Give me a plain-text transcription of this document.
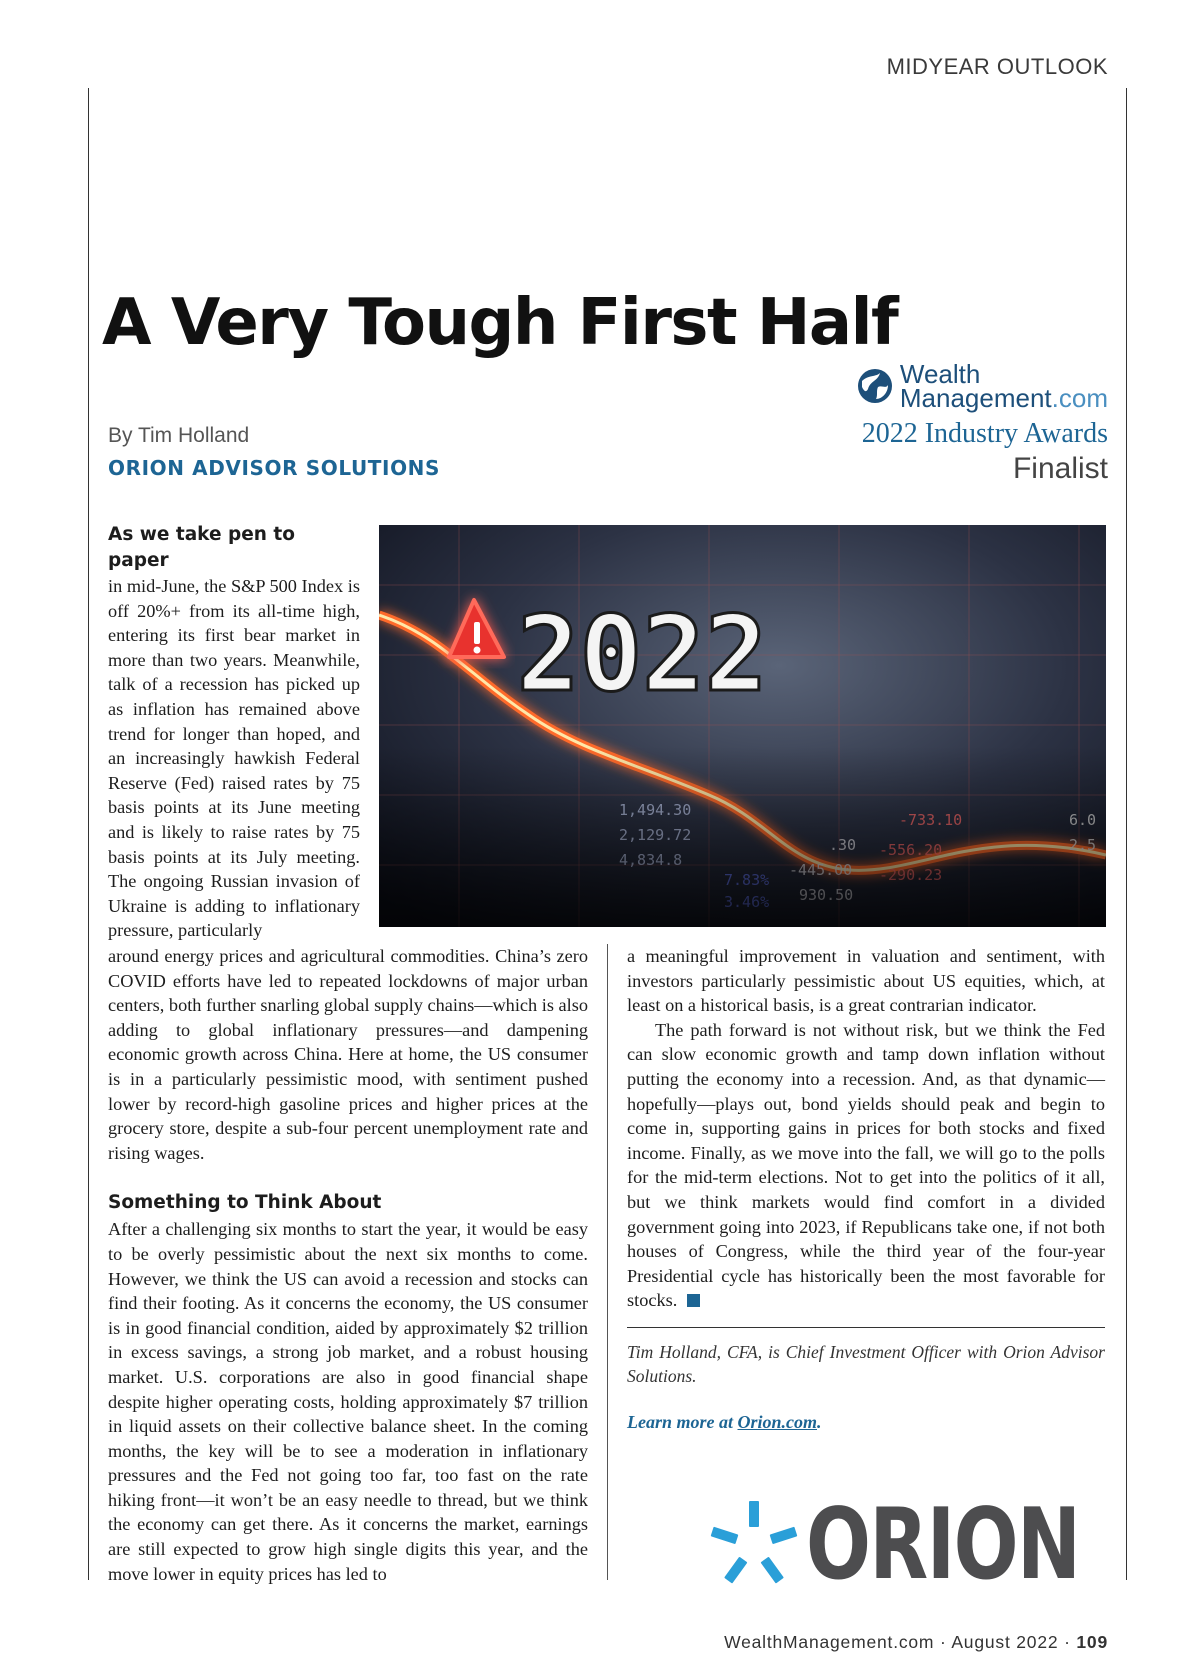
MIDYEAR OUTLOOK
A Very Tough First Half
By Tim Holland
ORION ADVISOR SOLUTIONS
Wealth
Management.com
2022 Industry Awards
Finalist
As we take pen to paper
in mid-June, the S&P 500 Index is off 20%+ from its all-time high, entering its first bear market in more than two years. Meanwhile, talk of a recession has picked up as inflation has remained above trend for longer than hoped, and an increasingly hawkish Federal Reserve (Fed) raised rates by 75 basis points at its June meeting and is likely to raise rates by 75 basis points at its July meeting. The ongoing Russian invasion of Ukraine is adding to inflationary pressure, particularly
around energy prices and agricultural commodities. China’s zero COVID efforts have led to repeated lockdowns of major urban centers, both further snarling global supply chains—which is also adding to global inflationary pressures—and dampening economic growth across China. Here at home, the US consumer is in a particularly pessimistic mood, with sentiment pushed lower by record-high gasoline prices and higher prices at the grocery store, despite a sub-four percent unemployment rate and rising wages.
Something to Think About
After a challenging six months to start the year, it would be easy to be overly pessimistic about the next six months to come. However, we think the US can avoid a recession and stocks can find their footing. As it concerns the economy, the US consumer is in good financial condition, aided by approximately $2 trillion in excess savings, a strong job market, and a robust housing market. U.S. corporations are also in good financial shape despite higher operating costs, holding approximately $7 trillion in liquid assets on their collective balance sheet. In the coming months, the key will be to see a moderation in inflationary pressures and the Fed not going too far, too fast on the rate hiking front—it won’t be an easy needle to thread, but we think the economy can get there. As it concerns the market, earnings are still expected to grow high single digits this year, and the move lower in equity prices has led to
a meaningful improvement in valuation and sentiment, with investors particularly pessimistic about US equities, which, at least on a historical basis, is a great contrarian indicator.
The path forward is not without risk, but we think the Fed can slow economic growth and tamp down inflation without putting the economy into a recession. And, as that dynamic—hopefully—plays out, bond yields should peak and begin to come in, supporting gains in prices for both stocks and fixed income. Finally, as we move into the fall, we will go to the polls for the mid-term elections. Not to get into the politics of it all, but we think markets would find comfort in a divided government going into 2023, if Republicans take one, if not both houses of Congress, while the third year of the four-year Presidential cycle has historically been the most favorable for stocks.
Tim Holland, CFA, is Chief Investment Officer with Orion Advisor Solutions.
Learn more at Orion.com.
ORION
WealthManagement.com · August 2022 · 109
